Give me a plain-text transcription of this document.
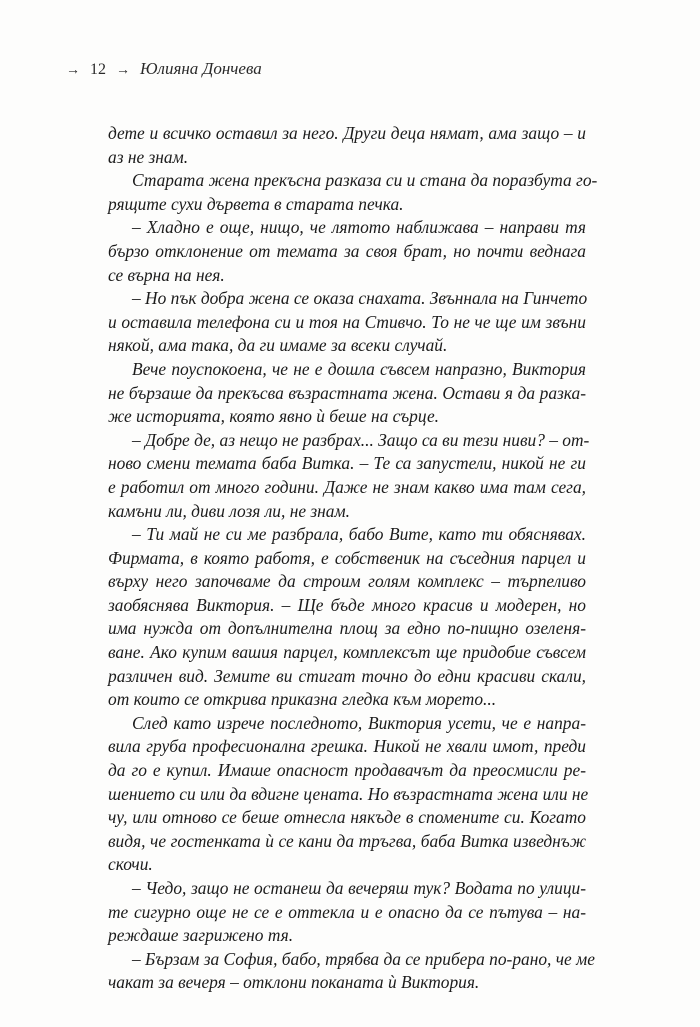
→ 12 → Юлияна Дончева
дете и всичко оставил за него. Други деца нямат, ама защо – и
аз не знам.
Старата жена прекъсна разказа си и стана да поразбута го-
рящите сухи дървета в старата печка.
– Хладно е още, нищо, че лятото наближава – направи тя
бързо отклонение от темата за своя брат, но почти веднага
се върна на нея.
– Но пък добра жена се оказа снахата. Звъннала на Гинчето
и оставила телефона си и тоя на Стивчо. То не че ще им звъни
някой, ама така, да ги имаме за всеки случай.
Вече поуспокоена, че не е дошла съвсем напразно, Виктория
не бързаше да прекъсва възрастната жена. Остави я да разка-
же историята, която явно ѝ беше на сърце.
– Добре де, аз нещо не разбрах... Защо са ви тези ниви? – от-
ново смени темата баба Витка. – Те са запустели, никой не ги
е работил от много години. Даже не знам какво има там сега,
камъни ли, диви лозя ли, не знам.
– Ти май не си ме разбрала, бабо Вите, като ти обяснявах.
Фирмата, в която работя, е собственик на съседния парцел и
върху него започваме да строим голям комплекс – търпеливо
заобяснява Виктория. – Ще бъде много красив и модерен, но
има нужда от допълнителна площ за едно по-пищно озеленя-
ване. Ако купим вашия парцел, комплексът ще придобие съвсем
различен вид. Земите ви стигат точно до едни красиви скали,
от които се открива приказна гледка към морето...
След като изрече последното, Виктория усети, че е напра-
вила груба професионална грешка. Никой не хвали имот, преди
да го е купил. Имаше опасност продавачът да преосмисли ре-
шението си или да вдигне цената. Но възрастната жена или не
чу, или отново се беше отнесла някъде в спомените си. Когато
видя, че гостенката ѝ се кани да тръгва, баба Витка изведнъж
скочи.
– Чедо, защо не останеш да вечеряш тук? Водата по улици-
те сигурно още не се е оттекла и е опасно да се пътува – на-
реждаше загрижено тя.
– Бързам за София, бабо, трябва да се прибера по-рано, че ме
чакат за вечеря – отклони поканата ѝ Виктория.
